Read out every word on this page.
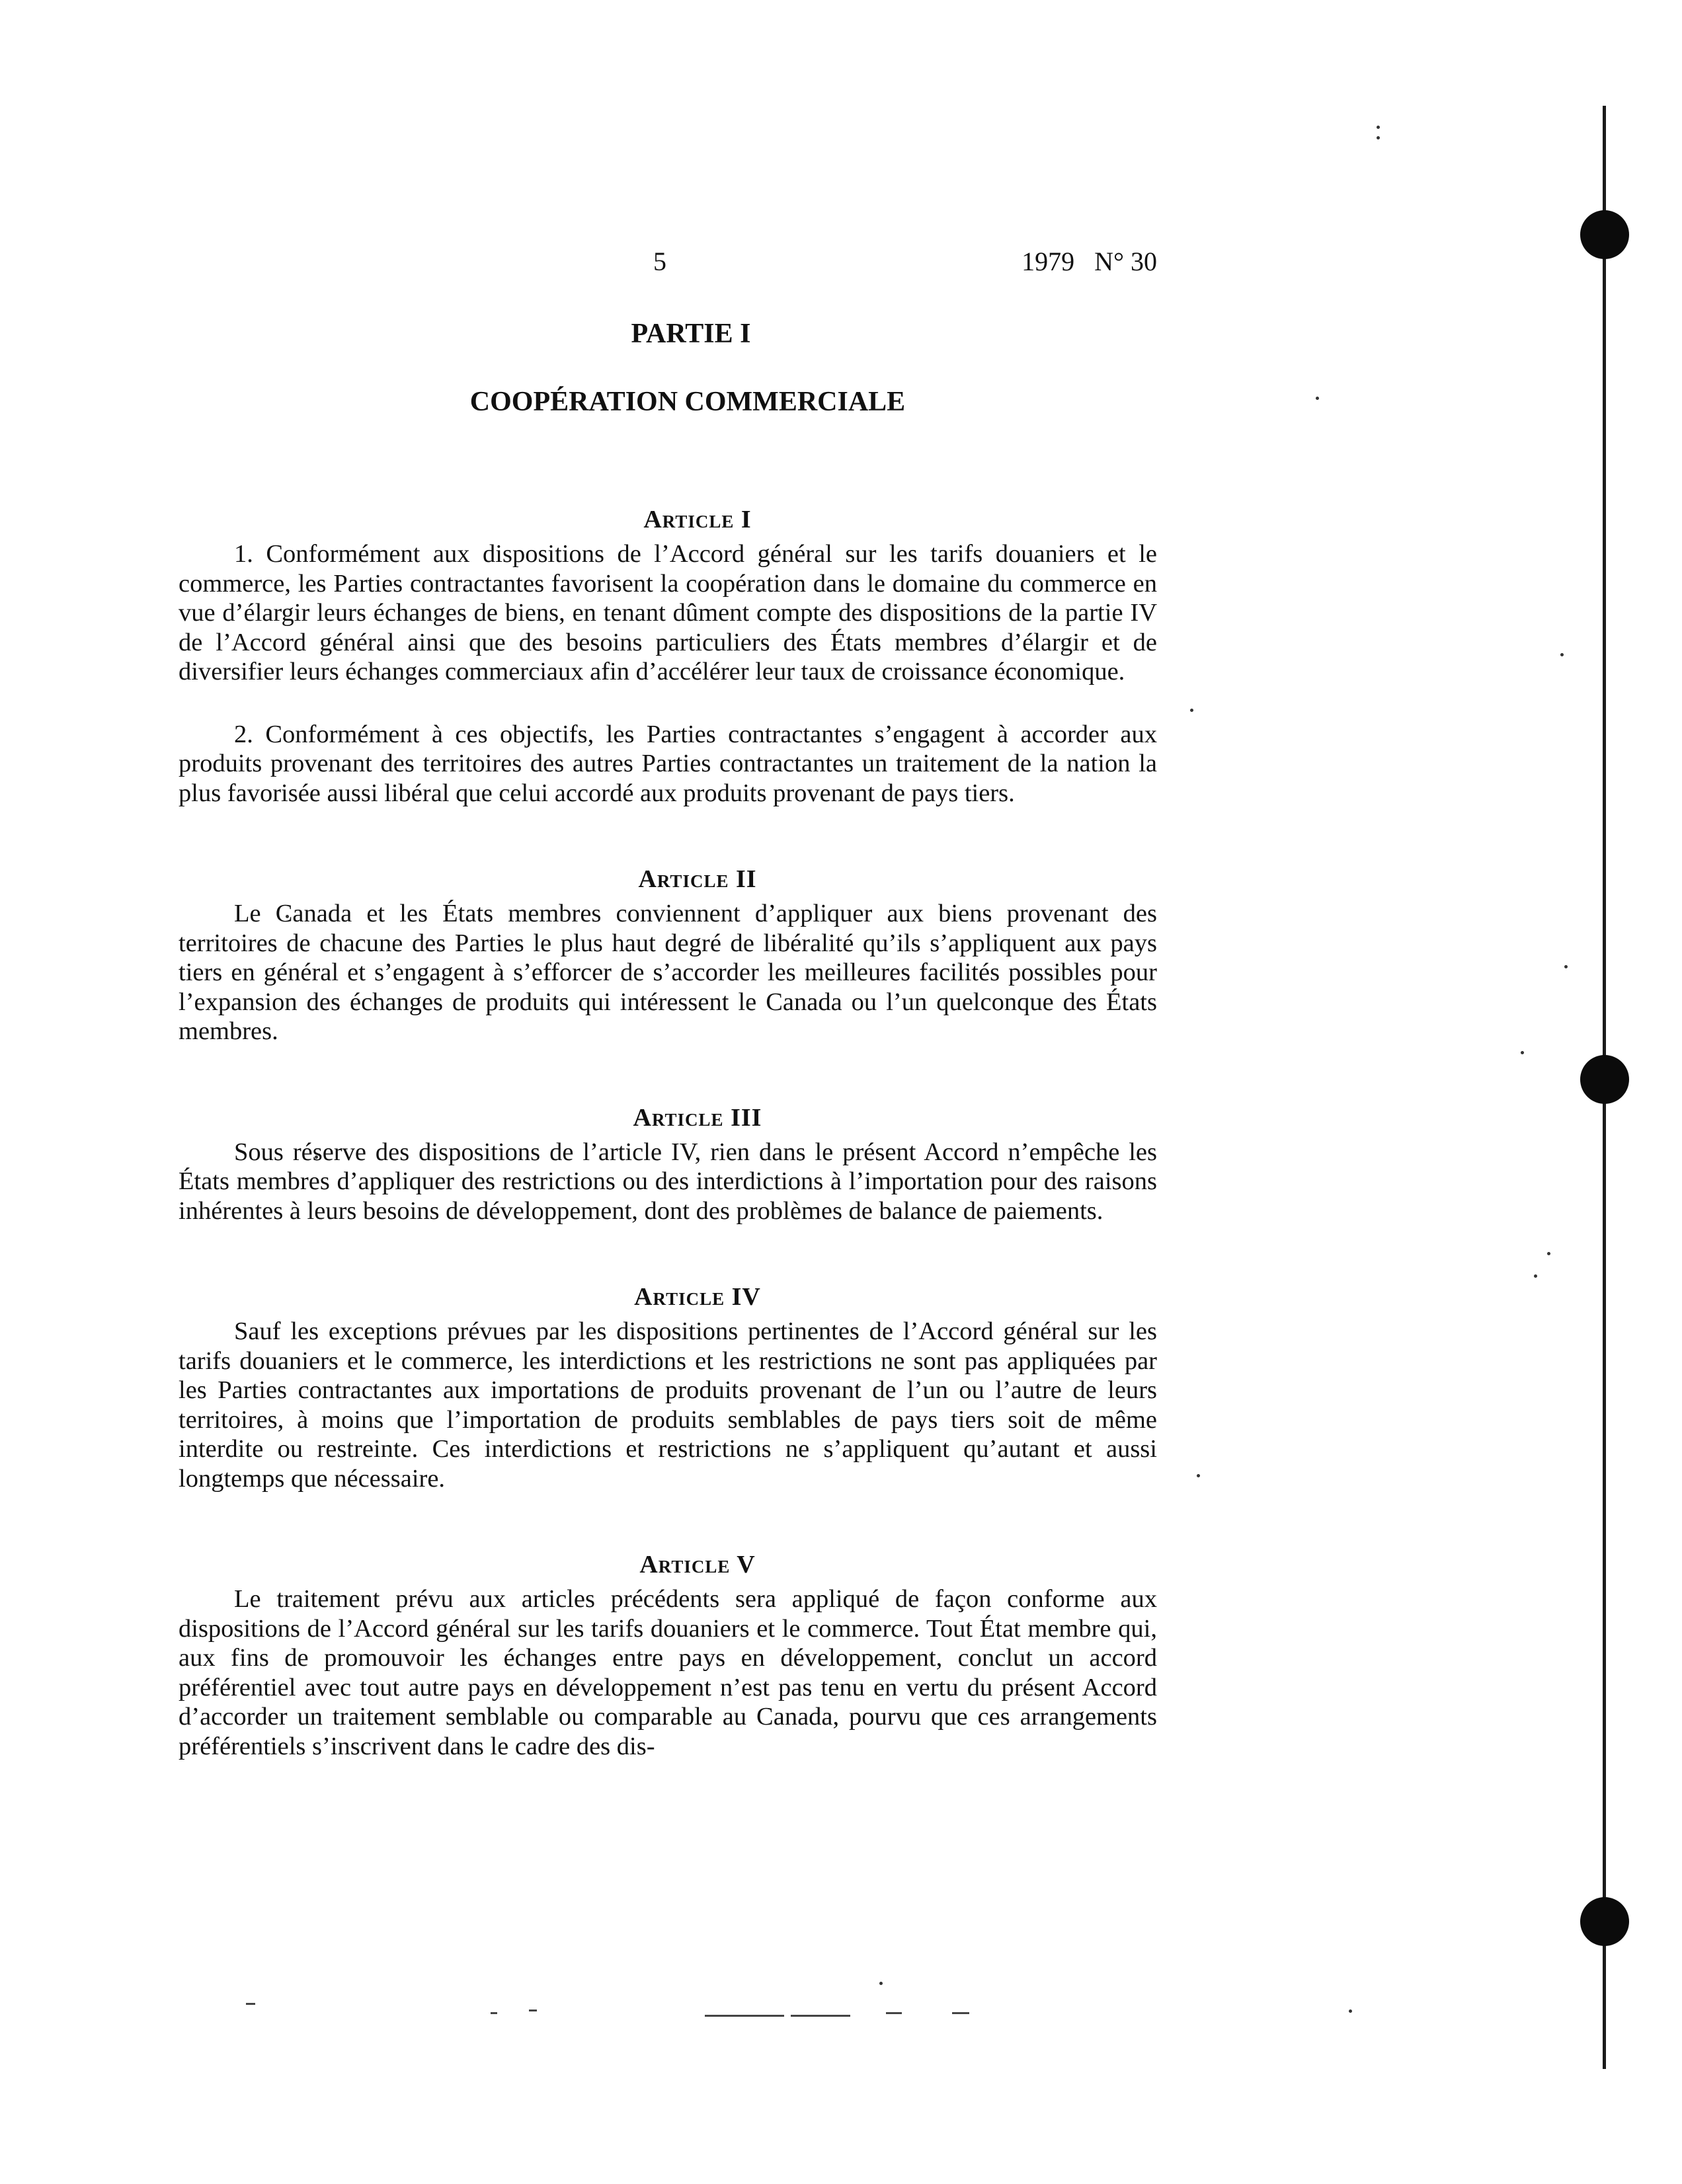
5	1979   N° 30
PARTIE I
COOPÉRATION COMMERCIALE
Article I

1. Conformément aux dispositions de l’Accord général sur les tarifs douaniers et le commerce, les Parties contractantes favorisent la coopération dans le domaine du commerce en vue d’élargir leurs échanges de biens, en tenant dûment compte des dispositions de la partie IV de l’Accord général ainsi que des besoins particuliers des États membres d’élargir et de diversifier leurs échanges commerciaux afin d’accélérer leur taux de croissance économique.

2. Conformément à ces objectifs, les Parties contractantes s’engagent à accorder aux produits provenant des territoires des autres Parties contractantes un traitement de la nation la plus favorisée aussi libéral que celui accordé aux produits provenant de pays tiers.

Article II

Le Canada et les États membres conviennent d’appliquer aux biens provenant des territoires de chacune des Parties le plus haut degré de libéralité qu’ils s’appliquent aux pays tiers en général et s’engagent à s’efforcer de s’accorder les meilleures facilités possibles pour l’expansion des échanges de produits qui intéressent le Canada ou l’un quelconque des États membres.

Article III

Sous réserve des dispositions de l’article IV, rien dans le présent Accord n’empêche les États membres d’appliquer des restrictions ou des interdictions à l’importation pour des raisons inhérentes à leurs besoins de développement, dont des problèmes de balance de paiements.

Article IV

Sauf les exceptions prévues par les dispositions pertinentes de l’Accord général sur les tarifs douaniers et le commerce, les interdictions et les restrictions ne sont pas appliquées par les Parties contractantes aux importations de produits provenant de l’un ou l’autre de leurs territoires, à moins que l’importation de produits semblables de pays tiers soit de même interdite ou restreinte. Ces interdictions et restrictions ne s’appliquent qu’autant et aussi longtemps que nécessaire.

Article V

Le traitement prévu aux articles précédents sera appliqué de façon conforme aux dispositions de l’Accord général sur les tarifs douaniers et le commerce. Tout État membre qui, aux fins de promouvoir les échanges entre pays en développement, conclut un accord préférentiel avec tout autre pays en développement n’est pas tenu en vertu du présent Accord d’accorder un traitement semblable ou comparable au Canada, pourvu que ces arrangements préférentiels s’inscrivent dans le cadre des dis-
